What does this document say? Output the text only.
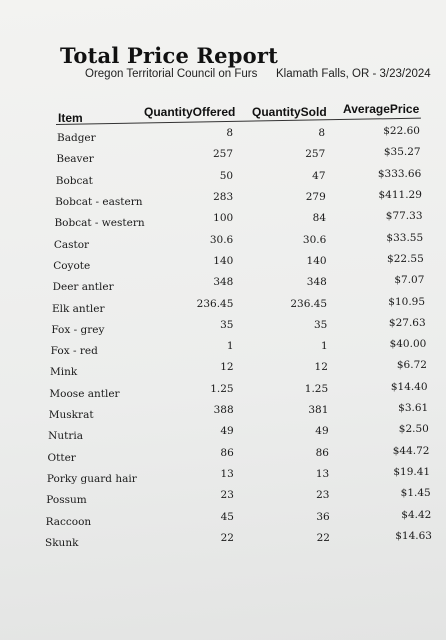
Total Price Report
Oregon Territorial Council on Furs Klamath Falls, OR - 3/23/2024
Item	QuantityOffered QuantitySold AveragePrice
Badger	8	8	$22.60
Beaver	257	257	$35.27
Bobcat	50	47	$333.66
Bobcat - eastern	283	279	$411.29
Bobcat - western	100	84	$77.33
Castor	30.6	30.6	$33.55
Coyote	140	140	$22.55
Deer antler	348	348	$7.07
Elk antler	236.45	236.45	$10.95
Fox - grey	35	35	$27.63
Fox - red	1	1	$40.00
Mink	12	12	$6.72
Moose antler	1.25	1.25	$14.40
Muskrat	388	381	$3.61
Nutria	49	49	$2.50
Otter	86	86	$44.72
Porky guard hair	13	13	$19.41
Possum	23	23	$1.45
Raccoon	45	36	$4.42
Skunk	22	22	$14.63
